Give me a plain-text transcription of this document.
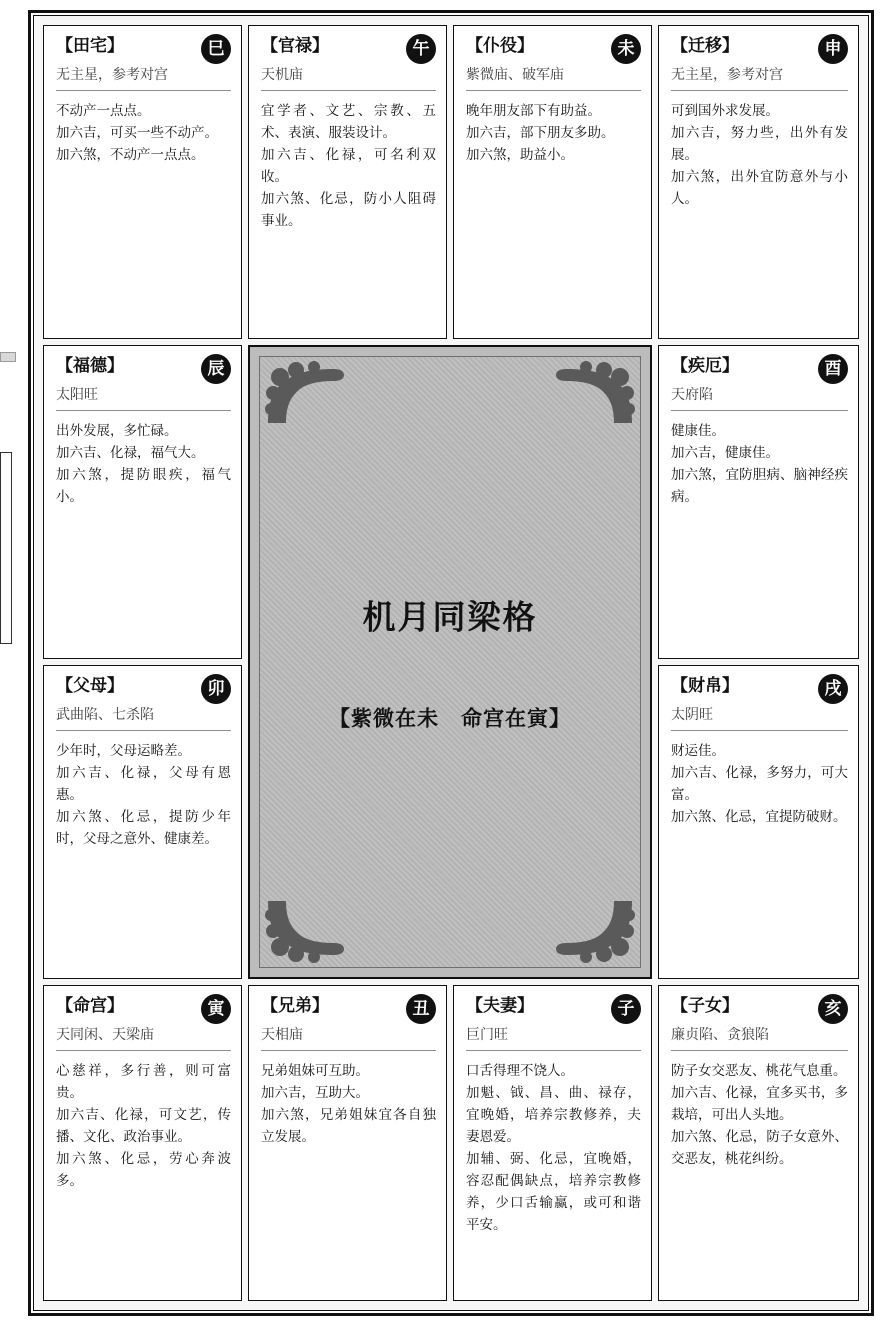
【田宅】	巳
无主星，参考对宫

不动产一点点。

加六吉，可买一些不动产。

加六煞，不动产一点点。

【官禄】	午
天机庙

宜学者、文艺、宗教、五术、表演、服装设计。

加六吉、化禄，可名利双收。

加六煞、化忌，防小人阻碍事业。

【仆役】	未
紫微庙、破军庙

晚年朋友部下有助益。

加六吉，部下朋友多助。

加六煞，助益小。

【迁移】	申
无主星，参考对宫

可到国外求发展。

加六吉，努力些，出外有发展。

加六煞，出外宜防意外与小人。

【福德】	辰
太阳旺

出外发展，多忙碌。

加六吉、化禄，福气大。

加六煞，提防眼疾，福气小。

机月同梁格
【紫微在未 命宫在寅】
【疾厄】	酉
天府陷

健康佳。

加六吉，健康佳。

加六煞，宜防胆病、脑神经疾病。

【父母】	卯
武曲陷、七杀陷

少年时，父母运略差。

加六吉、化禄，父母有恩惠。

加六煞、化忌，提防少年时，父母之意外、健康差。

【财帛】	戌
太阴旺

财运佳。

加六吉、化禄，多努力，可大富。

加六煞、化忌，宜提防破财。

【命宫】	寅
天同闲、天梁庙

心慈祥，多行善，则可富贵。

加六吉、化禄，可文艺，传播、文化、政治事业。

加六煞、化忌，劳心奔波多。

【兄弟】	丑
天相庙

兄弟姐妹可互助。

加六吉，互助大。

加六煞，兄弟姐妹宜各自独立发展。

【夫妻】	子
巨门旺

口舌得理不饶人。

加魁、钺、昌、曲、禄存，宜晚婚，培养宗教修养，夫妻恩爱。

加辅、弼、化忌，宜晚婚，容忍配偶缺点，培养宗教修养，少口舌输赢，或可和谐平安。

【子女】	亥
廉贞陷、贪狼陷

防子女交恶友、桃花气息重。

加六吉、化禄，宜多买书，多栽培，可出人头地。

加六煞、化忌，防子女意外、交恶友，桃花纠纷。
